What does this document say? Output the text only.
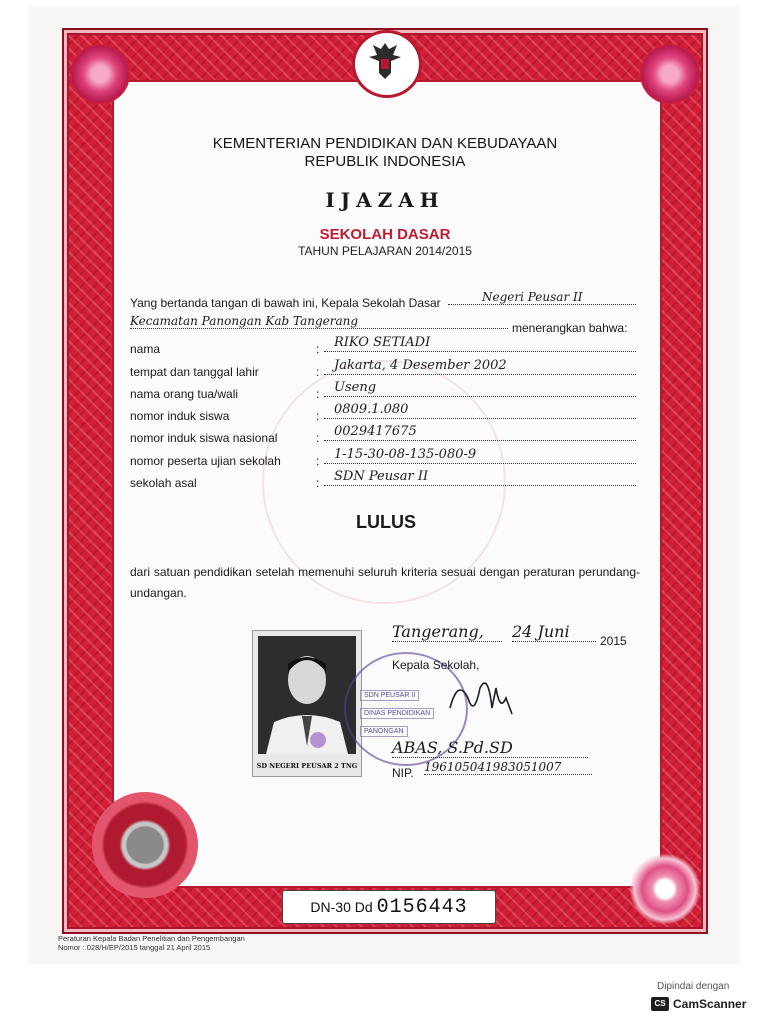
KEMENTERIAN PENDIDIKAN DAN KEBUDAYAAN
REPUBLIK INDONESIA
IJAZAH
SEKOLAH DASAR
TAHUN PELAJARAN 2014/2015
Yang bertanda tangan di bawah ini, Kepala Sekolah Dasar	Negeri Peusar II
Kecamatan Panongan Kab Tangerang	menerangkan bahwa:
nama	:	RIKO SETIADI
tempat dan tanggal lahir	:	Jakarta, 4 Desember 2002
nama orang tua/wali	:	Useng
nomor induk siswa	:	0809.1.080
nomor induk siswa nasional	:	0029417675
nomor peserta ujian sekolah	:	1-15-30-08-135-080-9
sekolah asal	:	SDN Peusar II
LULUS
dari satuan pendidikan setelah memenuhi seluruh kriteria sesuai dengan peraturan perundang-undangan.
SD NEGERI PEUSAR 2 TNG
SDN PEUSAR II
DINAS PENDIDIKAN
PANONGAN
Tangerang,	24 Juni	2015
Kepala Sekolah,
ABAS, S.Pd.SD
NIP. 196105041983051007
DN-30 Dd 0156443
Peraturan Kepala Badan Penelitian dan Pengembangan
Nomor : 028/H/EP/2015 tanggal 21 April 2015
Dipindai dengan
CS CamScanner
